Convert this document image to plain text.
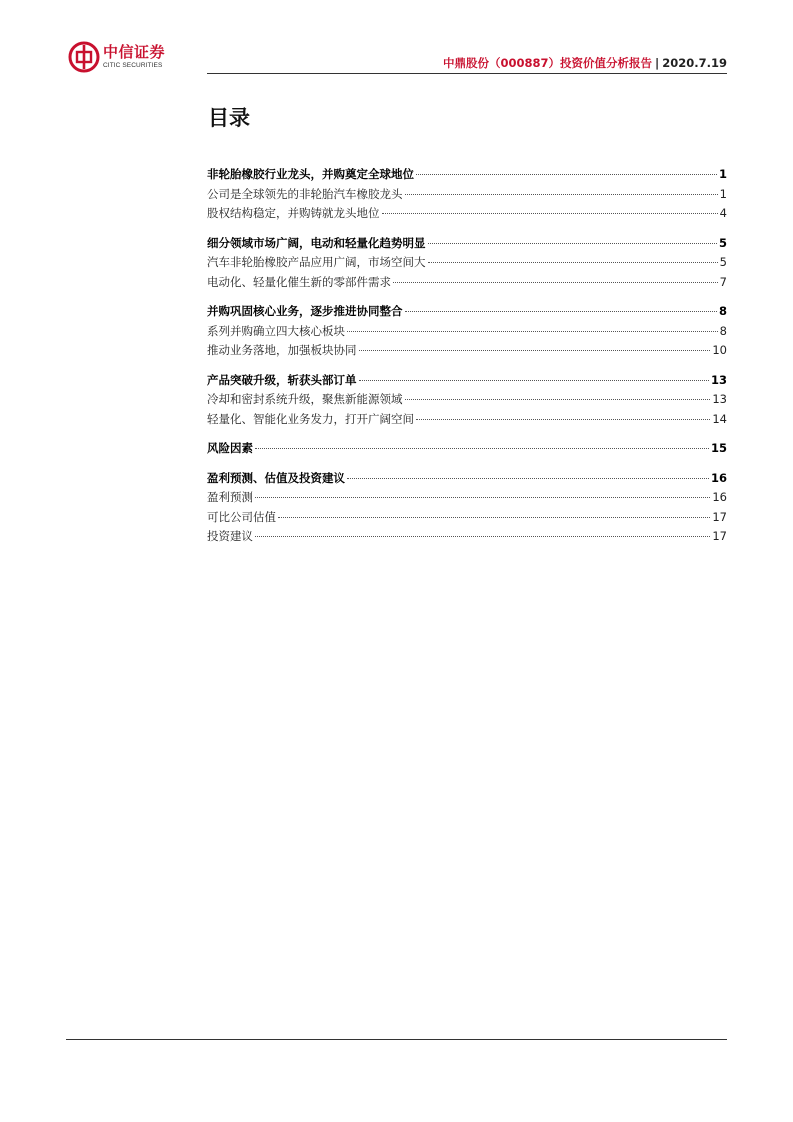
中信证券
CITIC SECURITIES	中鼎股份（000887）投资价值分析报告 | 2020.7.19
目录
非轮胎橡胶行业龙头，并购奠定全球地位	1
公司是全球领先的非轮胎汽车橡胶龙头	1
股权结构稳定，并购铸就龙头地位	4
细分领域市场广阔，电动和轻量化趋势明显	5
汽车非轮胎橡胶产品应用广阔，市场空间大	5
电动化、轻量化催生新的零部件需求	7
并购巩固核心业务，逐步推进协同整合	8
系列并购确立四大核心板块	8
推动业务落地，加强板块协同	10
产品突破升级，斩获头部订单	13
冷却和密封系统升级，聚焦新能源领域	13
轻量化、智能化业务发力，打开广阔空间	14
风险因素	15
盈利预测、估值及投资建议	16
盈利预测	16
可比公司估值	17
投资建议	17
